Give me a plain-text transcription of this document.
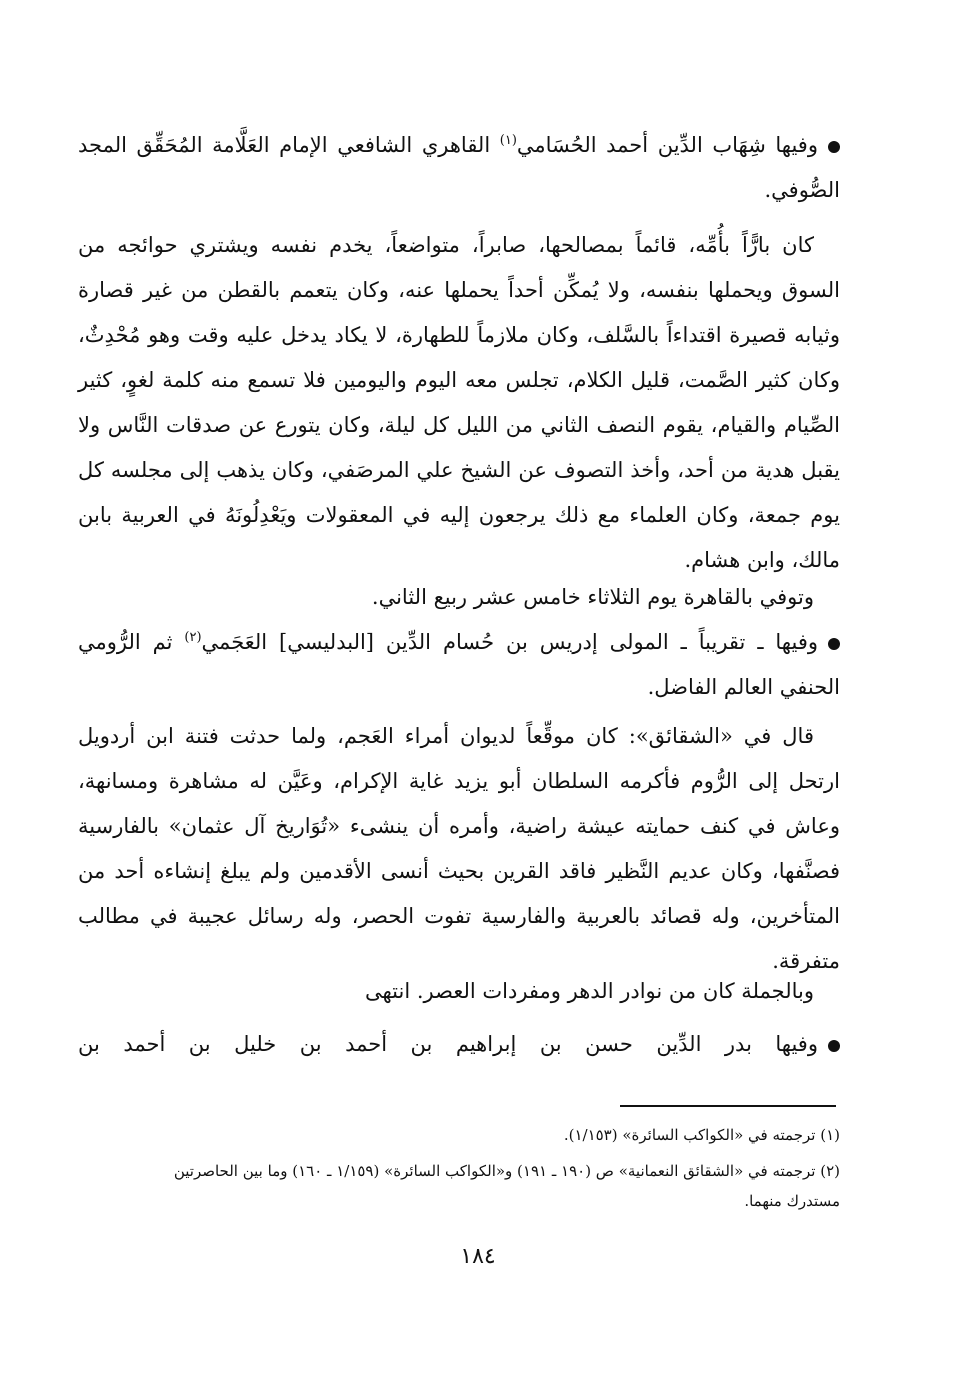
وفيها شِهَاب الدِّين أحمد الحُسَامي$^{(١)}$ القاهري الشافعي الإمام العَلَّامة المُحَقِّق المجد الصُّوفي.
كان بارًّاً بأُمِّه، قائماً بمصالحها، صابراً، متواضعاً، يخدم نفسه ويشتري حوائجه من السوق ويحملها بنفسه، ولا يُمكِّن أحداً يحملها عنه، وكان يتعمم بالقطن من غير قصارة وثيابه قصيرة اقتداءاً بالسَّلف، وكان ملازماً للطهارة، لا يكاد يدخل عليه وقت وهو مُحْدِثٌ، وكان كثير الصَّمت، قليل الكلام، تجلس معه اليوم واليومين فلا تسمع منه كلمة لغوٍ، كثير الصِّيام والقيام، يقوم النصف الثاني من الليل كل ليلة، وكان يتورع عن صدقات النَّاس ولا يقبل هدية من أحد، وأخذ التصوف عن الشيخ علي المرصَفي، وكان يذهب إلى مجلسه كل يوم جمعة، وكان العلماء مع ذلك يرجعون إليه في المعقولات ويَعْدِلُونَهُ في العربية بابن مالك، وابن هشام.
وتوفي بالقاهرة يوم الثلاثاء خامس عشر ربيع الثاني.
وفيها ـ تقريباً ـ المولى إدريس بن حُسام الدِّين [البدليسي] العَجَمي$^{(٢)}$ ثم الرُّومي الحنفي العالم الفاضل.
قال في «الشقائق»: كان موقِّعاً لديوان أمراء العَجم، ولما حدثت فتنة ابن أردويل ارتحل إلى الرُّوم فأكرمه السلطان أبو يزيد غاية الإكرام، وعَيَّن له مشاهرة ومسانهة، وعاش في كنف حمايته عيشة راضية، وأمره أن ينشىء «تُوَاريخ آل عثمان» بالفارسية فصنَّفها، وكان عديم النَّظير فاقد القرين بحيث أنسى الأقدمين ولم يبلغ إنشاءه أحد من المتأخرين، وله قصائد بالعربية والفارسية تفوت الحصر، وله رسائل عجيبة في مطالب متفرقة.
وبالجملة كان من نوادر الدهر ومفردات العصر. انتهى
وفيها بدر الدِّين حسن بن إبراهيم بن أحمد بن خليل بن أحمد بن
(١) ترجمته في «الكواكب السائرة» (١/١٥٣).
(٢) ترجمته في «الشقائق النعمانية» ص (١٩٠ ـ ١٩١) و«الكواكب السائرة» (١/١٥٩ ـ ١٦٠) وما بين الحاصرتين مستدرك منهما.
١٨٤
